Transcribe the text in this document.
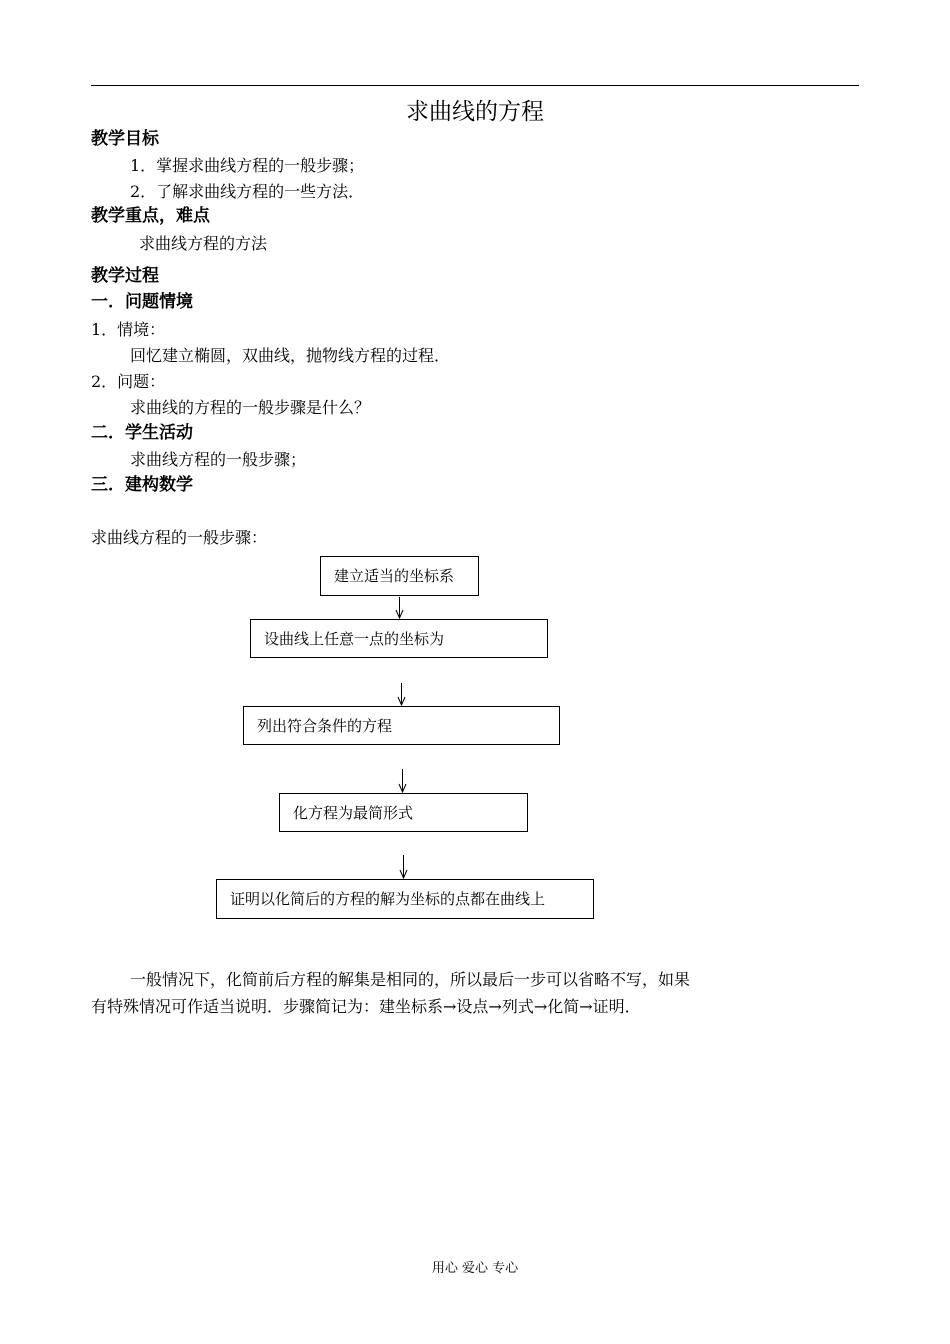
求曲线的方程
教学目标
1．掌握求曲线方程的一般步骤；
2．了解求曲线方程的一些方法．
教学重点，难点
求曲线方程的方法
教学过程
一．问题情境
1．情境：
回忆建立椭圆，双曲线，抛物线方程的过程．
2．问题：
求曲线的方程的一般步骤是什么？
二．学生活动
求曲线方程的一般步骤；
三．建构数学
求曲线方程的一般步骤：
建立适当的坐标系
设曲线上任意一点的坐标为
列出符合条件的方程
化方程为最简形式
证明以化简后的方程的解为坐标的点都在曲线上
一般情况下，化简前后方程的解集是相同的，所以最后一步可以省略不写，如果
有特殊情况可作适当说明．步骤简记为：建坐标系→设点→列式→化简→证明．
用心 爱心 专心
